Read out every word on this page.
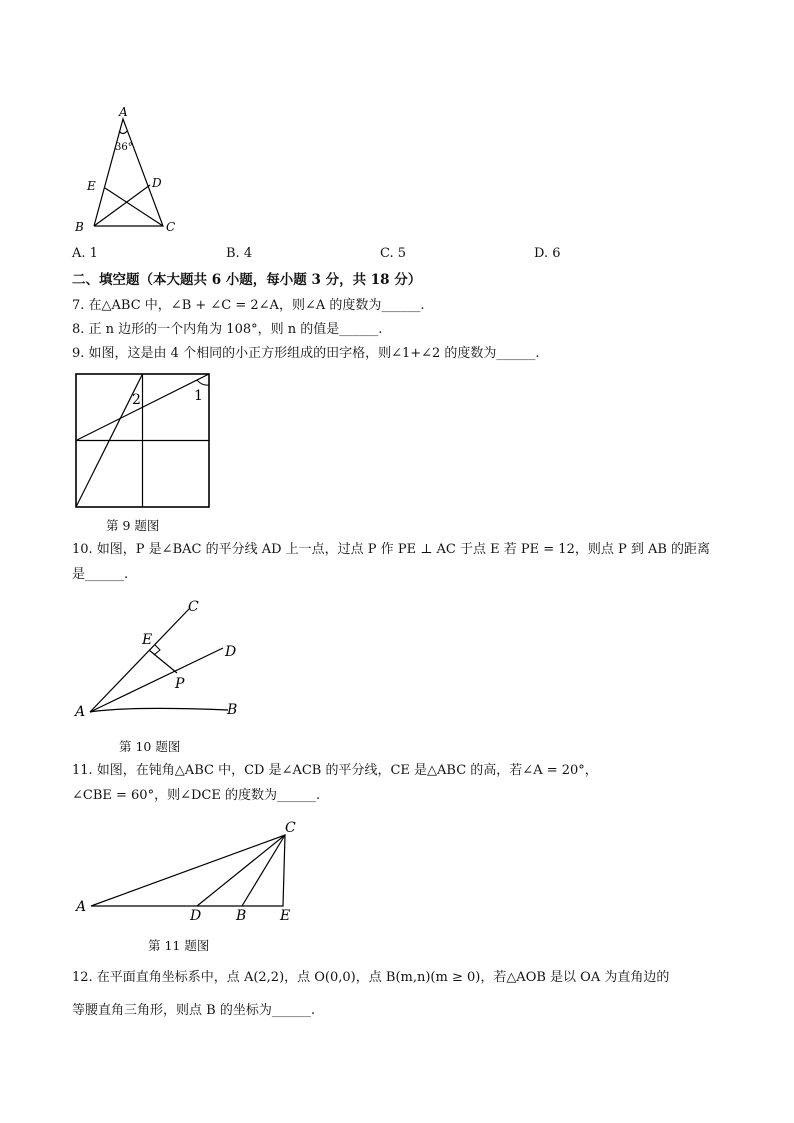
A
36°
E	D
B	C
A. 1	B. 4	C. 5	D. 6
二、填空题（本大题共 6 小题，每小题 3 分，共 18 分）
7. 在△ABC 中，∠B + ∠C = 2∠A，则∠A 的度数为______.
8. 正 n 边形的一个内角为 108°，则 n 的值是______.
9. 如图，这是由 4 个相同的小正方形组成的田字格，则∠1+∠2 的度数为______.
2	1
第 9 题图
10. 如图，P 是∠BAC 的平分线 AD 上一点，过点 P 作 PE ⊥ AC 于点 E 若 PE = 12，则点 P 到 AB 的距离
是______.
C
E
D
P
A	B
第 10 题图
11. 如图，在钝角△ABC 中，CD 是∠ACB 的平分线，CE 是△ABC 的高，若∠A = 20°，
∠CBE = 60°，则∠DCE 的度数为______.
C
A
D B E
第 11 题图
12. 在平面直角坐标系中，点 A(2,2)，点 O(0,0)，点 B(m,n)(m ≥ 0)，若△AOB 是以 OA 为直角边的
等腰直角三角形，则点 B 的坐标为______.
